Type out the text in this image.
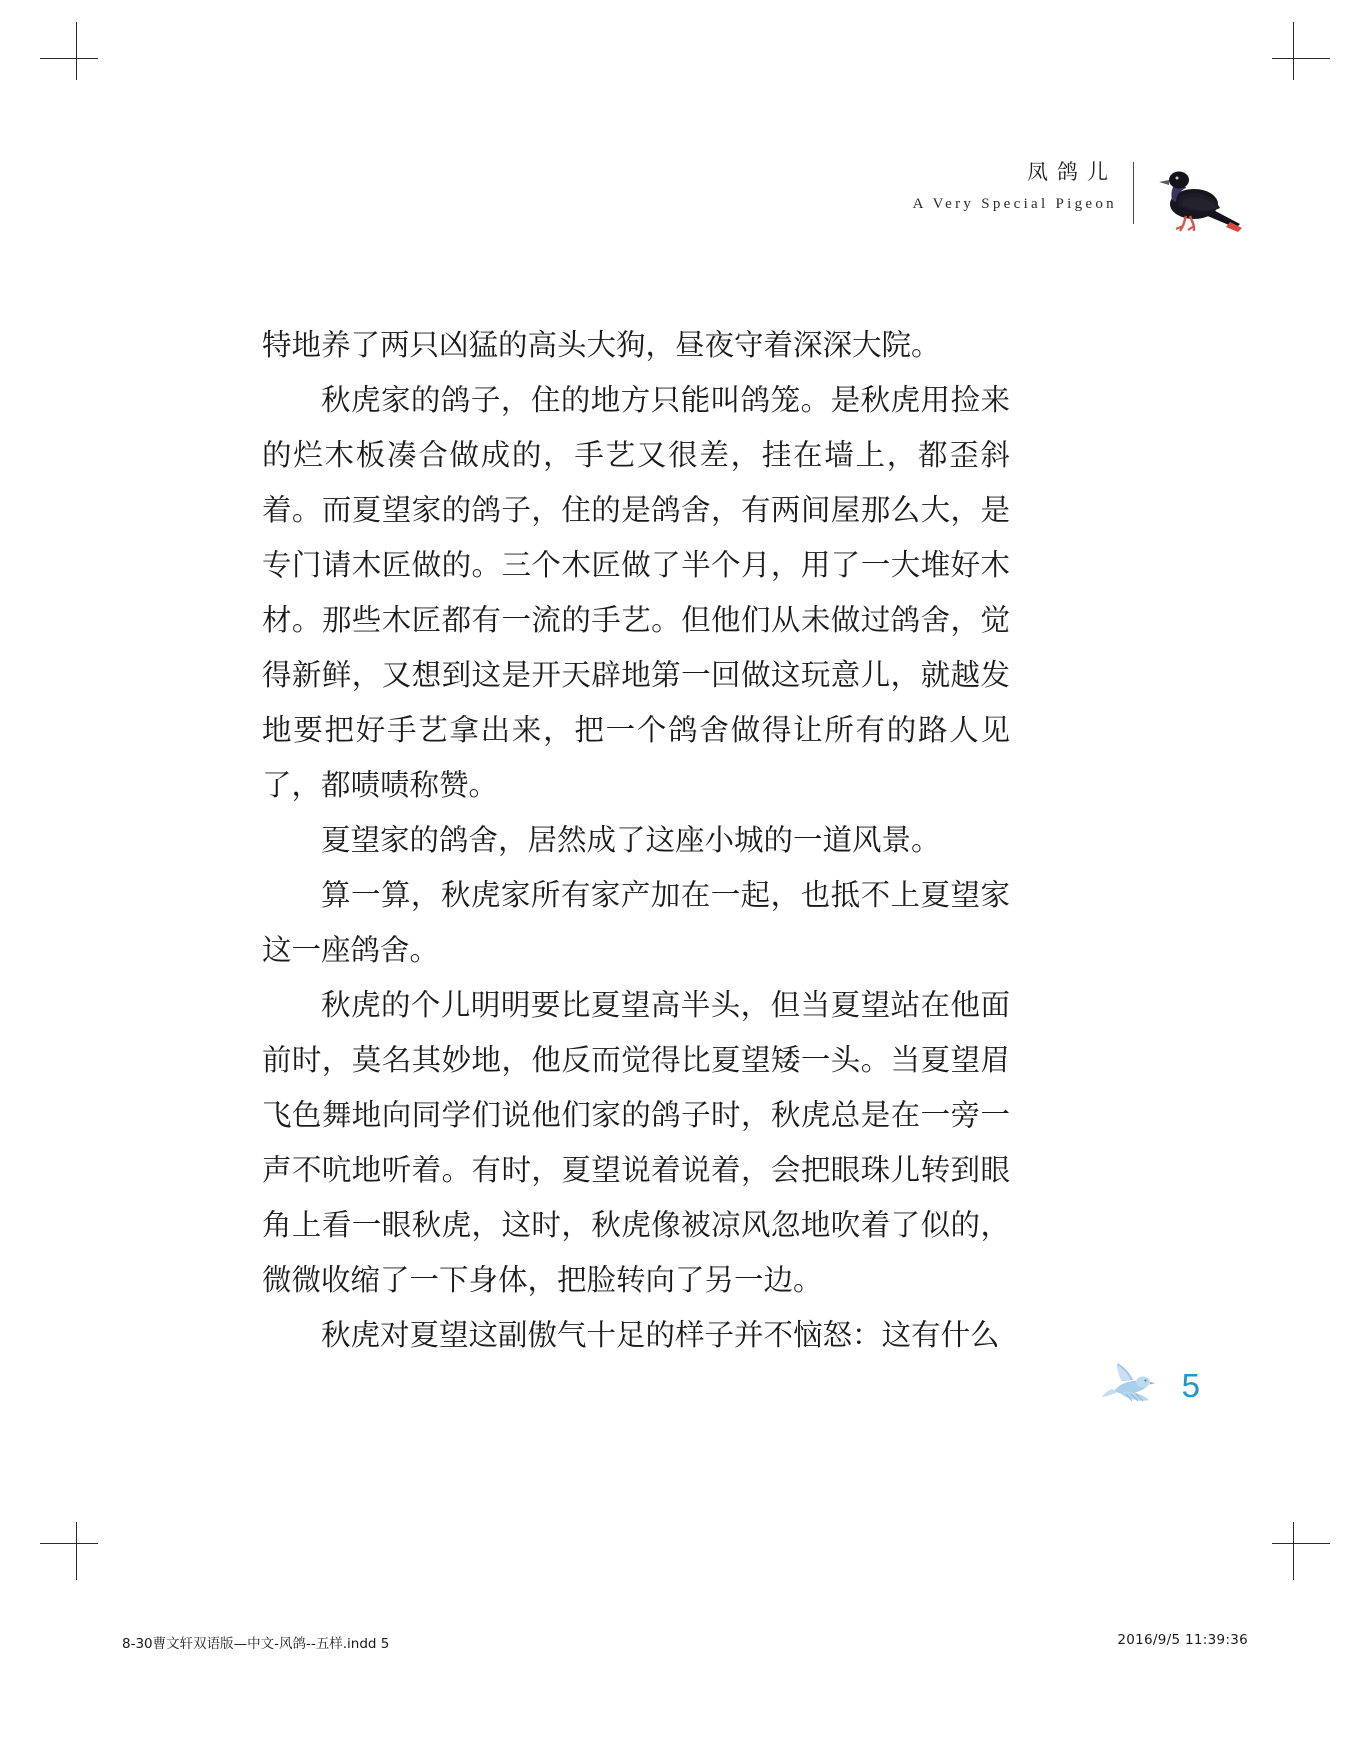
凤鸽儿
A Very Special Pigeon

特地养了两只凶猛的高头大狗，昼夜守着深深大院。

秋虎家的鸽子，住的地方只能叫鸽笼。是秋虎用捡来的烂木板凑合做成的，手艺又很差，挂在墙上，都歪斜着。而夏望家的鸽子，住的是鸽舍，有两间屋那么大，是专门请木匠做的。三个木匠做了半个月，用了一大堆好木材。那些木匠都有一流的手艺。但他们从未做过鸽舍，觉得新鲜，又想到这是开天辟地第一回做这玩意儿，就越发地要把好手艺拿出来，把一个鸽舍做得让所有的路人见了，都啧啧称赞。

夏望家的鸽舍，居然成了这座小城的一道风景。

算一算，秋虎家所有家产加在一起，也抵不上夏望家这一座鸽舍。

秋虎的个儿明明要比夏望高半头，但当夏望站在他面前时，莫名其妙地，他反而觉得比夏望矮一头。当夏望眉飞色舞地向同学们说他们家的鸽子时，秋虎总是在一旁一声不吭地听着。有时，夏望说着说着，会把眼珠儿转到眼角上看一眼秋虎，这时，秋虎像被凉风忽地吹着了似的，微微收缩了一下身体，把脸转向了另一边。

秋虎对夏望这副傲气十足的样子并不恼怒：这有什么

5
8-30曹文轩双语版—中文-风鸽--五样.indd 5	2016/9/5 11:39:36
